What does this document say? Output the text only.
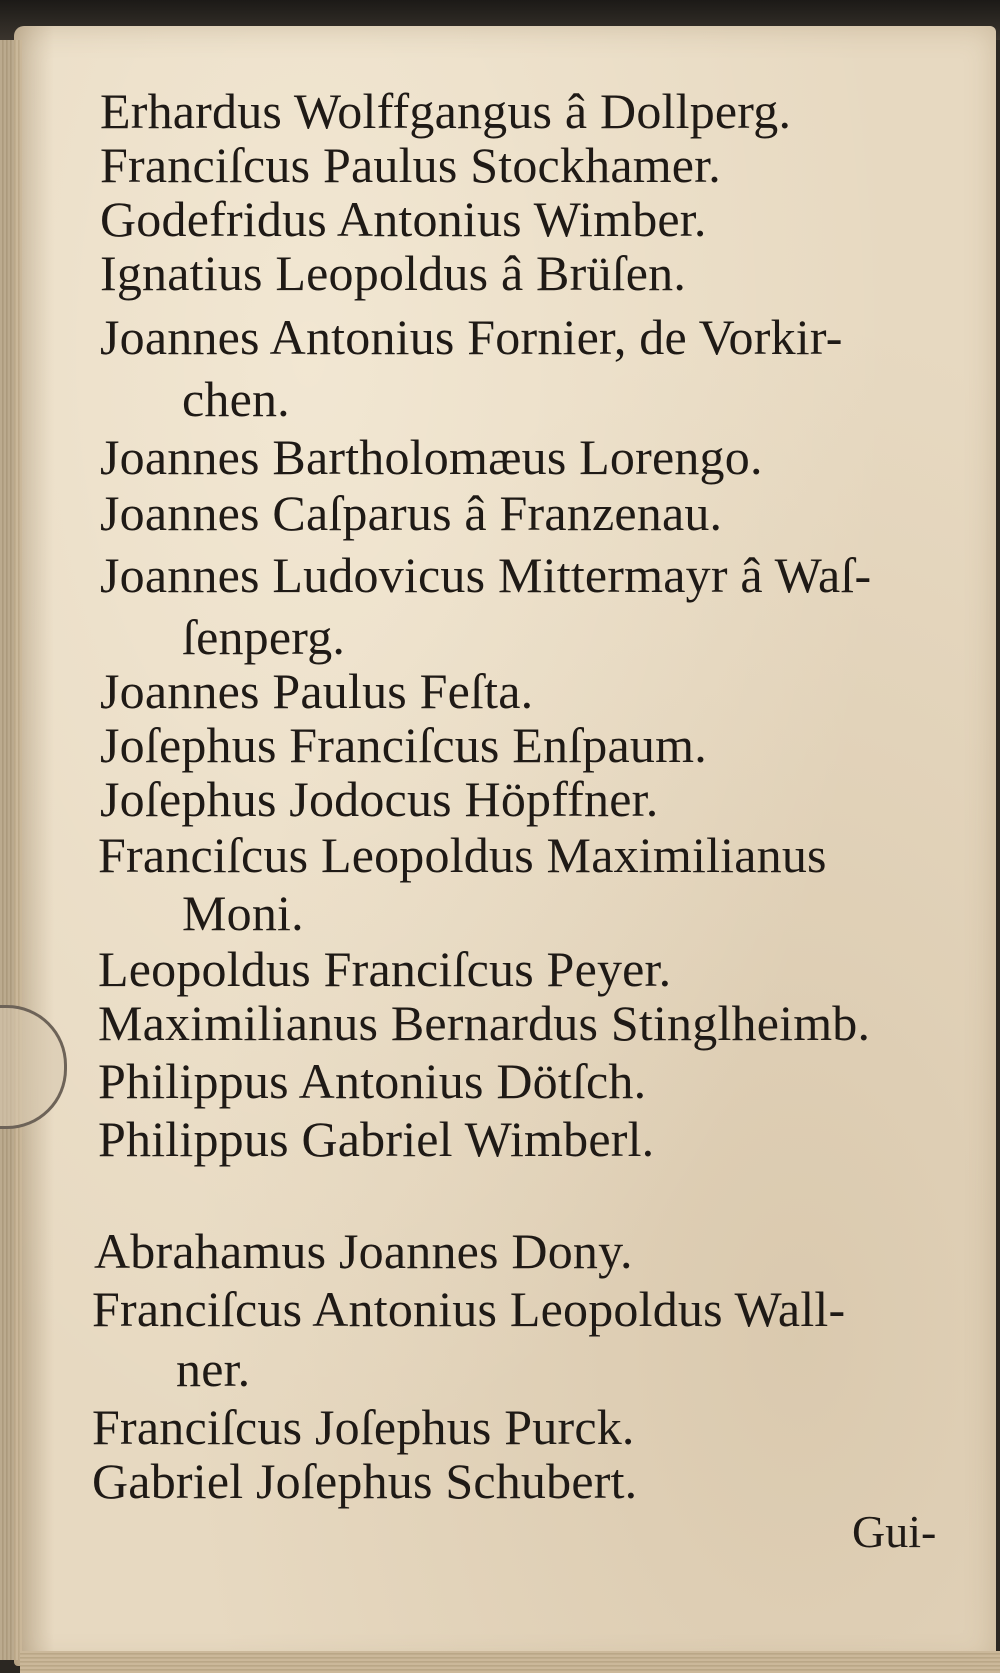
Erhardus Wolffgangus â Dollperg.
Franciſcus Paulus Stockhamer.
Godefridus Antonius Wimber.
Ignatius Leopoldus â Brüſen.
Joannes Antonius Fornier, de Vorkir-
chen.
Joannes Bartholomæus Lorengo.
Joannes Caſparus â Franzenau.
Joannes Ludovicus Mittermayr â Waſ-
ſenperg.
Joannes Paulus Feſta.
Joſephus Franciſcus Enſpaum.
Joſephus Jodocus Höpffner.
Franciſcus Leopoldus Maximilianus
Moni.
Leopoldus Franciſcus Peyer.
Maximilianus Bernardus Stinglheimb.
Philippus Antonius Dötſch.
Philippus Gabriel Wimberl.
Abrahamus Joannes Dony.
Franciſcus Antonius Leopoldus Wall-
ner.
Franciſcus Joſephus Purck.
Gabriel Joſephus Schubert.
Gui-
